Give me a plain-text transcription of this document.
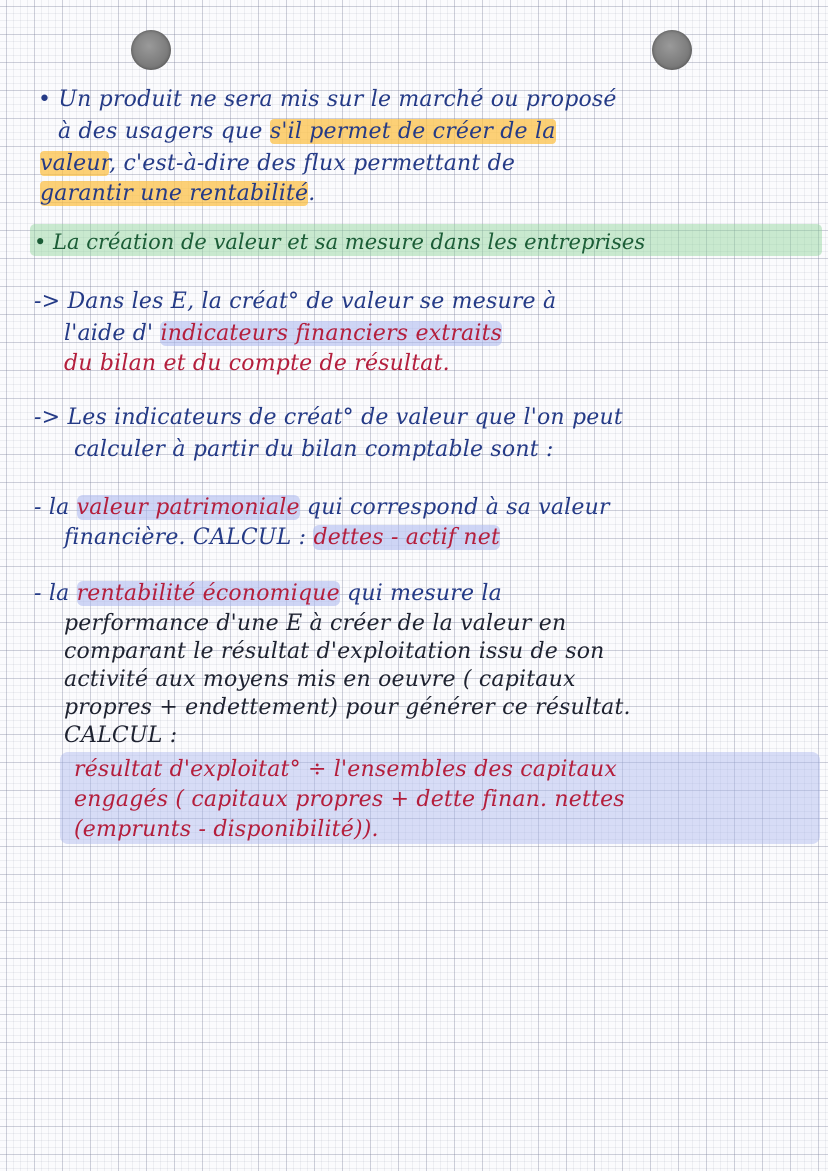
• Un produit ne sera mis sur le marché ou proposé
à des usagers que s'il permet de créer de la
valeur, c'est-à-dire des flux permettant de
garantir une rentabilité.
• La création de valeur et sa mesure dans les entreprises
-> Dans les E, la créat° de valeur se mesure à
l'aide d' indicateurs financiers extraits
du bilan et du compte de résultat.
-> Les indicateurs de créat° de valeur que l'on peut
calculer à partir du bilan comptable sont :
- la valeur patrimoniale qui correspond à sa valeur
financière. CALCUL : dettes - actif net
- la rentabilité économique qui mesure la
performance d'une E à créer de la valeur en
comparant le résultat d'exploitation issu de son
activité aux moyens mis en oeuvre ( capitaux
propres + endettement) pour générer ce résultat.
CALCUL :
résultat d'exploitat° ÷ l'ensembles des capitaux
engagés ( capitaux propres + dette finan. nettes
(emprunts - disponibilité)).
